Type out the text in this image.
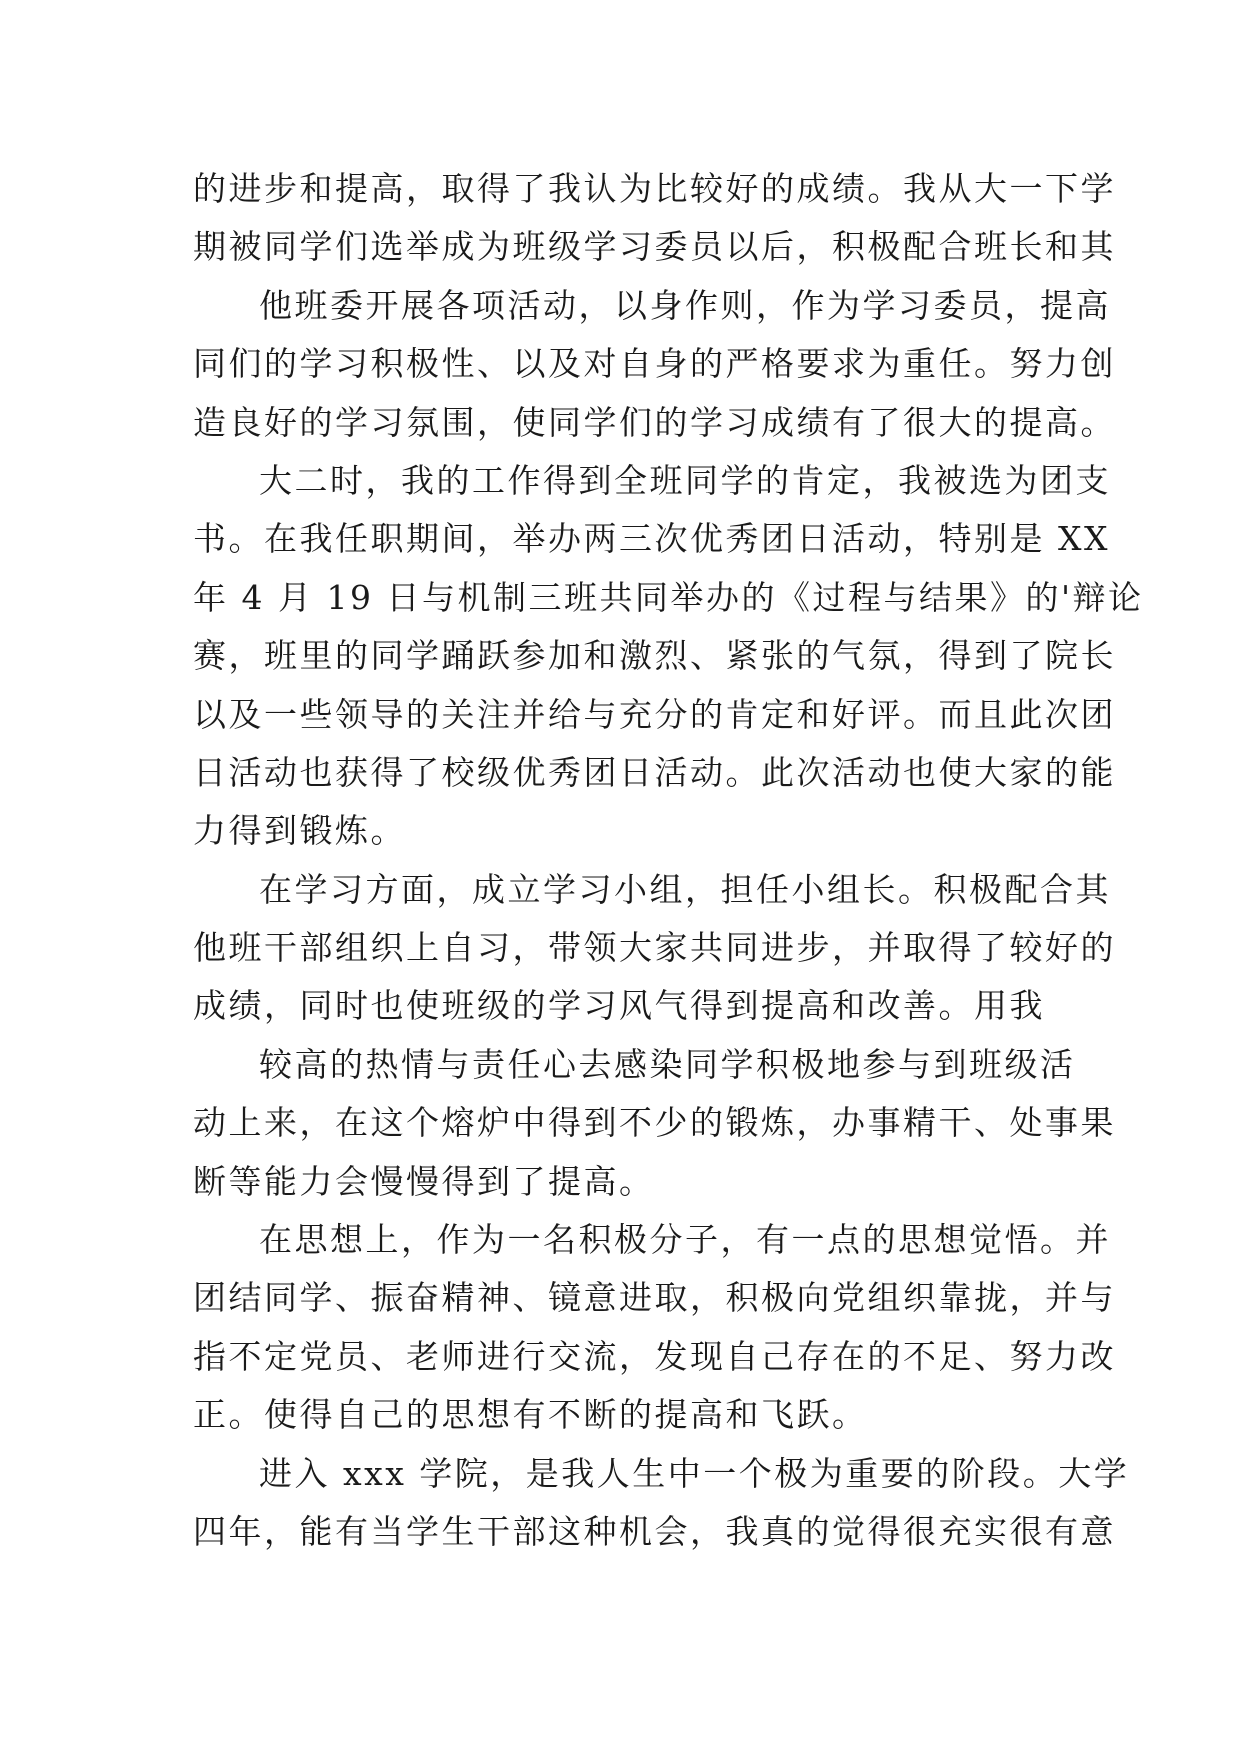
的进步和提高，取得了我认为比较好的成绩。我从大一下学
期被同学们选举成为班级学习委员以后，积极配合班长和其
他班委开展各项活动，以身作则，作为学习委员，提高
同们的学习积极性、以及对自身的严格要求为重任。努力创
造良好的学习氛围，使同学们的学习成绩有了很大的提高。
大二时，我的工作得到全班同学的肯定，我被选为团支
书。在我任职期间，举办两三次优秀团日活动，特别是 XX
年 4 月 19 日与机制三班共同举办的《过程与结果》的'辩论
赛，班里的同学踊跃参加和激烈、紧张的气氛，得到了院长
以及一些领导的关注并给与充分的肯定和好评。而且此次团
日活动也获得了校级优秀团日活动。此次活动也使大家的能
力得到锻炼。
在学习方面，成立学习小组，担任小组长。积极配合其
他班干部组织上自习，带领大家共同进步，并取得了较好的
成绩，同时也使班级的学习风气得到提高和改善。用我
较高的热情与责任心去感染同学积极地参与到班级活
动上来，在这个熔炉中得到不少的锻炼，办事精干、处事果
断等能力会慢慢得到了提高。
在思想上，作为一名积极分子，有一点的思想觉悟。并
团结同学、振奋精神、镜意进取，积极向党组织靠拢，并与
指不定党员、老师进行交流，发现自己存在的不足、努力改
正。使得自己的思想有不断的提高和飞跃。
进入 xxx 学院，是我人生中一个极为重要的阶段。大学
四年，能有当学生干部这种机会，我真的觉得很充实很有意
